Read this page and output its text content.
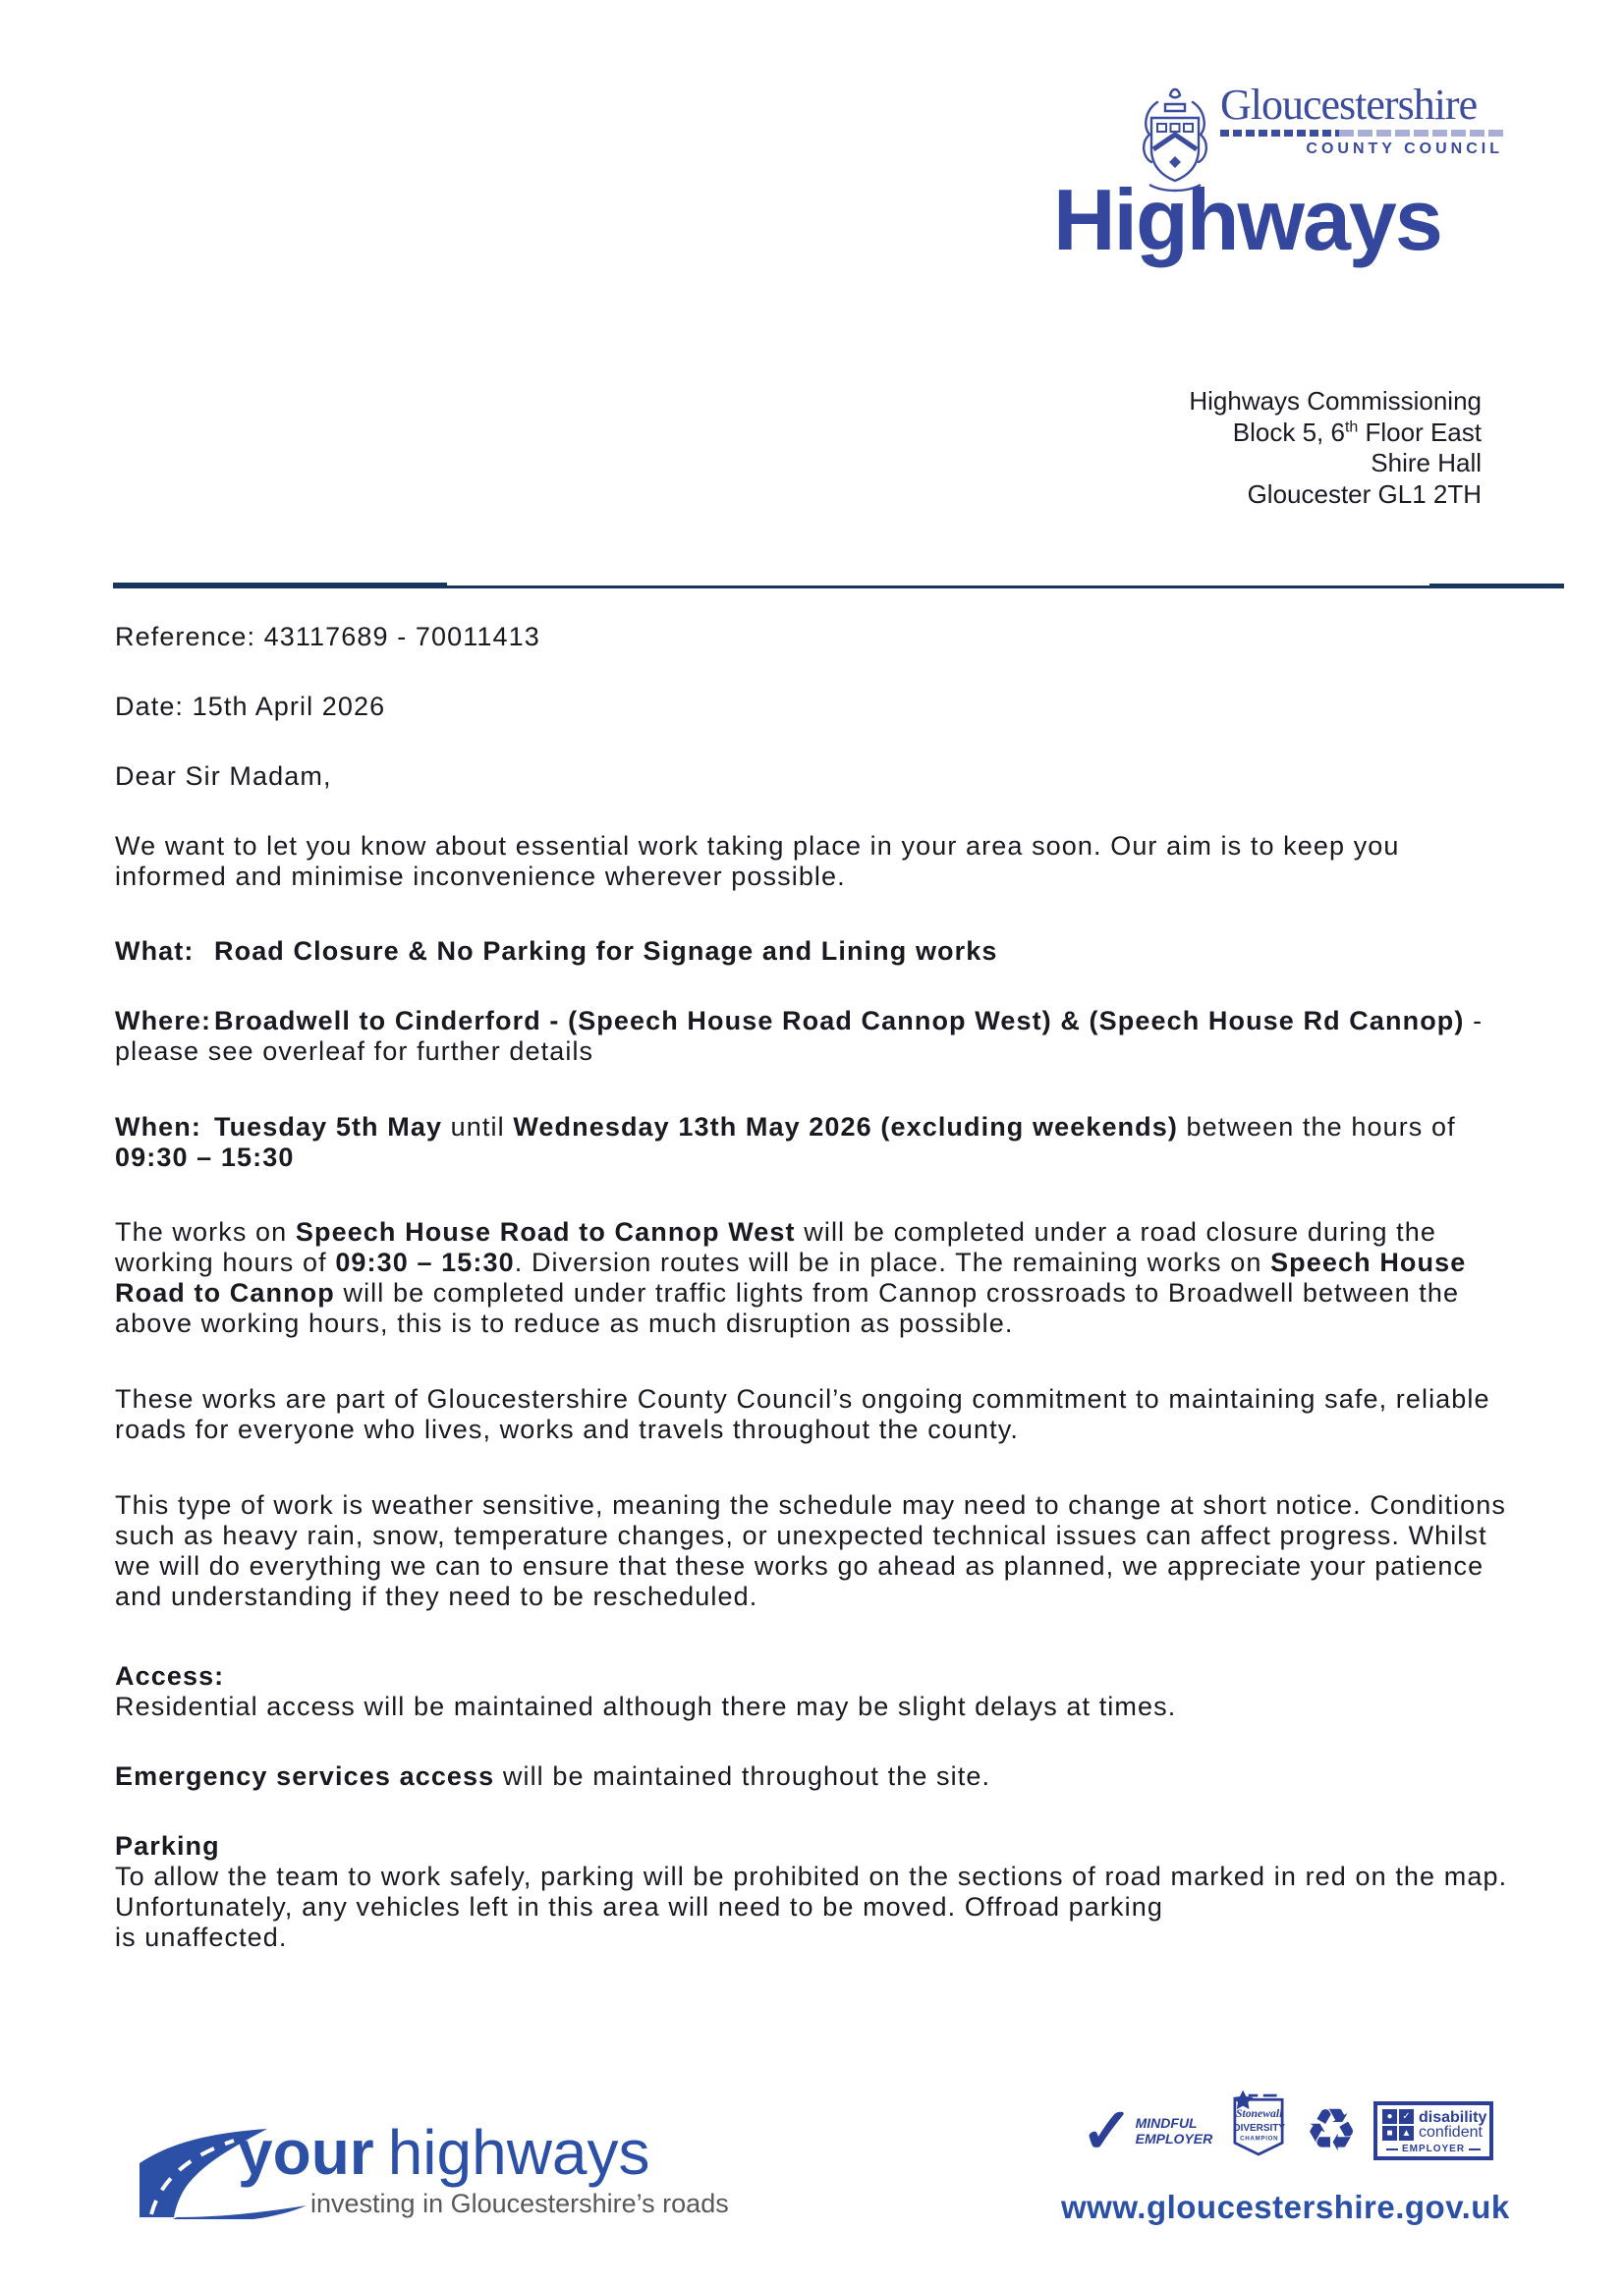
Gloucestershire
COUNTY COUNCIL
Highways
Highways Commissioning
Block 5, 6th Floor East
Shire Hall
Gloucester GL1 2TH

Reference: 43117689 - 70011413

Date: 15th April 2026

Dear Sir Madam,

We want to let you know about essential work taking place in your area soon. Our aim is to keep you informed and minimise inconvenience wherever possible.

What: Road Closure & No Parking for Signage and Lining works

Where: Broadwell to Cinderford - (Speech House Road Cannop West) & (Speech House Rd Cannop) - please see overleaf for further details

When: Tuesday 5th May until Wednesday 13th May 2026 (excluding weekends) between the hours of 09:30 – 15:30

The works on Speech House Road to Cannop West will be completed under a road closure during the working hours of 09:30 – 15:30. Diversion routes will be in place. The remaining works on Speech House Road to Cannop will be completed under traffic lights from Cannop crossroads to Broadwell between the above working hours, this is to reduce as much disruption as possible.

These works are part of Gloucestershire County Council’s ongoing commitment to maintaining safe, reliable roads for everyone who lives, works and travels throughout the county.

This type of work is weather sensitive, meaning the schedule may need to change at short notice. Conditions such as heavy rain, snow, temperature changes, or unexpected technical issues can affect progress. Whilst we will do everything we can to ensure that these works go ahead as planned, we appreciate your patience and understanding if they need to be rescheduled.

Access:
Residential access will be maintained although there may be slight delays at times.

Emergency services access will be maintained throughout the site.

Parking
To allow the team to work safely, parking will be prohibited on the sections of road marked in red on the map. Unfortunately, any vehicles left in this area will need to be moved. Offroad parking
is unaffected.

your highways
investing in Gloucestershire’s roads
✓ MINDFUL
EMPLOYER
Stonewall
DIVERSITY
CHAMPION ♻	● ✓
■ ▲
disability
confident
EMPLOYER
www.gloucestershire.gov.uk
